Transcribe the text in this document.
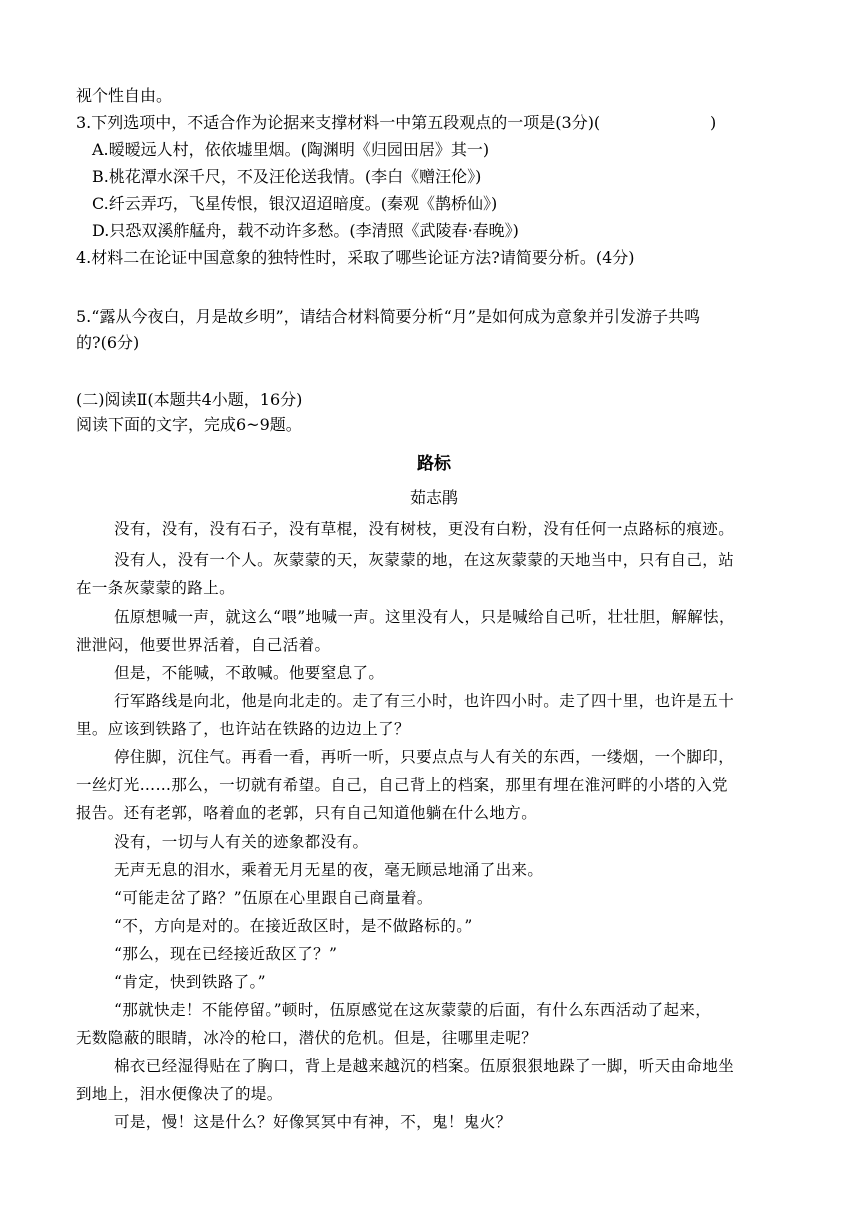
视个性自由。
3.下列选项中，不适合作为论据来支撑材料一中第五段观点的一项是(3分)(	)
A.暧暧远人村，依依墟里烟。(陶渊明《归园田居》其一)
B.桃花潭水深千尺，不及汪伦送我情。(李白《赠汪伦》)
C.纤云弄巧，飞星传恨，银汉迢迢暗度。(秦观《鹊桥仙》)
D.只恐双溪舴艋舟，载不动许多愁。(李清照《武陵春·春晚》)
4.材料二在论证中国意象的独特性时，采取了哪些论证方法?请简要分析。(4分)
5.“露从今夜白，月是故乡明”，请结合材料简要分析“月”是如何成为意象并引发游子共鸣
的?(6分)
(二)阅读Ⅱ(本题共4小题，16分)
阅读下面的文字，完成6~9题。
路标
茹志鹃
没有，没有，没有石子，没有草棍，没有树枝，更没有白粉，没有任何一点路标的痕迹。
没有人，没有一个人。灰蒙蒙的天，灰蒙蒙的地，在这灰蒙蒙的天地当中，只有自己，站
在一条灰蒙蒙的路上。
伍原想喊一声，就这么“喂”地喊一声。这里没有人，只是喊给自己听，壮壮胆，解解怯，
泄泄闷，他要世界活着，自己活着。
但是，不能喊，不敢喊。他要窒息了。
行军路线是向北，他是向北走的。走了有三小时，也许四小时。走了四十里，也许是五十
里。应该到铁路了，也许站在铁路的边边上了？
停住脚，沉住气。再看一看，再听一听，只要点点与人有关的东西，一缕烟，一个脚印，
一丝灯光……那么，一切就有希望。自己，自己背上的档案，那里有埋在淮河畔的小塔的入党
报告。还有老郭，咯着血的老郭，只有自己知道他躺在什么地方。
没有，一切与人有关的迹象都没有。
无声无息的泪水，乘着无月无星的夜，毫无顾忌地涌了出来。
“可能走岔了路？”伍原在心里跟自己商量着。
“不，方向是对的。在接近敌区时，是不做路标的。”
“那么，现在已经接近敌区了？”
“肯定，快到铁路了。”
“那就快走！不能停留。”顿时，伍原感觉在这灰蒙蒙的后面，有什么东西活动了起来，
无数隐蔽的眼睛，冰冷的枪口，潜伏的危机。但是，往哪里走呢？
棉衣已经湿得贴在了胸口，背上是越来越沉的档案。伍原狠狠地跺了一脚，听天由命地坐
到地上，泪水便像决了的堤。
可是，慢！这是什么？好像冥冥中有神，不，鬼！鬼火？
